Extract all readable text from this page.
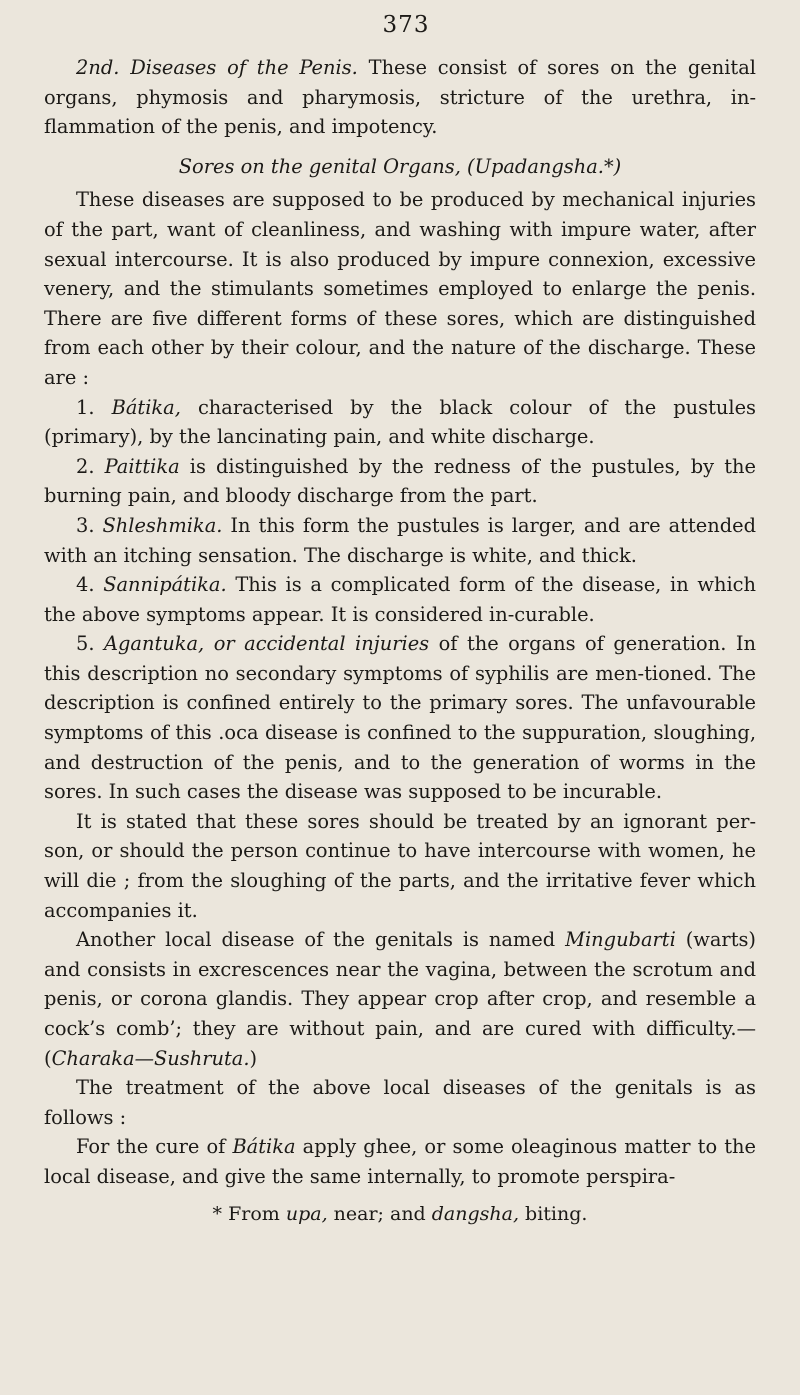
373

2nd. Diseases of the Penis. These consist of sores on the genital organs, phymosis and pharymosis, stricture of the urethra, in-flammation of the penis, and impotency.

Sores on the genital Organs, (Upadangsha.*)

These diseases are supposed to be produced by mechanical injuries of the part, want of cleanliness, and washing with impure water, after sexual intercourse. It is also produced by impure connexion, excessive venery, and the stimulants sometimes employed to enlarge the penis. There are five different forms of these sores, which are distinguished from each other by their colour, and the nature of the discharge. These are :

1. Bátika, characterised by the black colour of the pustules (primary), by the lancinating pain, and white discharge.

2. Paittika is distinguished by the redness of the pustules, by the burning pain, and bloody discharge from the part.

3. Shleshmika. In this form the pustules is larger, and are attended with an itching sensation. The discharge is white, and thick.

4. Sannipátika. This is a complicated form of the disease, in which the above symptoms appear. It is considered in-curable.

5. Agantuka, or accidental injuries of the organs of generation. In this description no secondary symptoms of syphilis are men-tioned. The description is confined entirely to the primary sores. The unfavourable symptoms of this .oca disease is confined to the suppuration, sloughing, and destruction of the penis, and to the generation of worms in the sores. In such cases the disease was supposed to be incurable.

It is stated that these sores should be treated by an ignorant per-son, or should the person continue to have intercourse with women, he will die ; from the sloughing of the parts, and the irritative fever which accompanies it.

Another local disease of the genitals is named Mingubarti (warts) and consists in excrescences near the vagina, between the scrotum and penis, or corona glandis. They appear crop after crop, and resemble a cock’s comb’; they are without pain, and are cured with difficulty.—(Charaka—Sushruta.)

The treatment of the above local diseases of the genitals is as follows :

For the cure of Bátika apply ghee, or some oleaginous matter to the local disease, and give the same internally, to promote perspira-

* From upa, near; and dangsha, biting.
